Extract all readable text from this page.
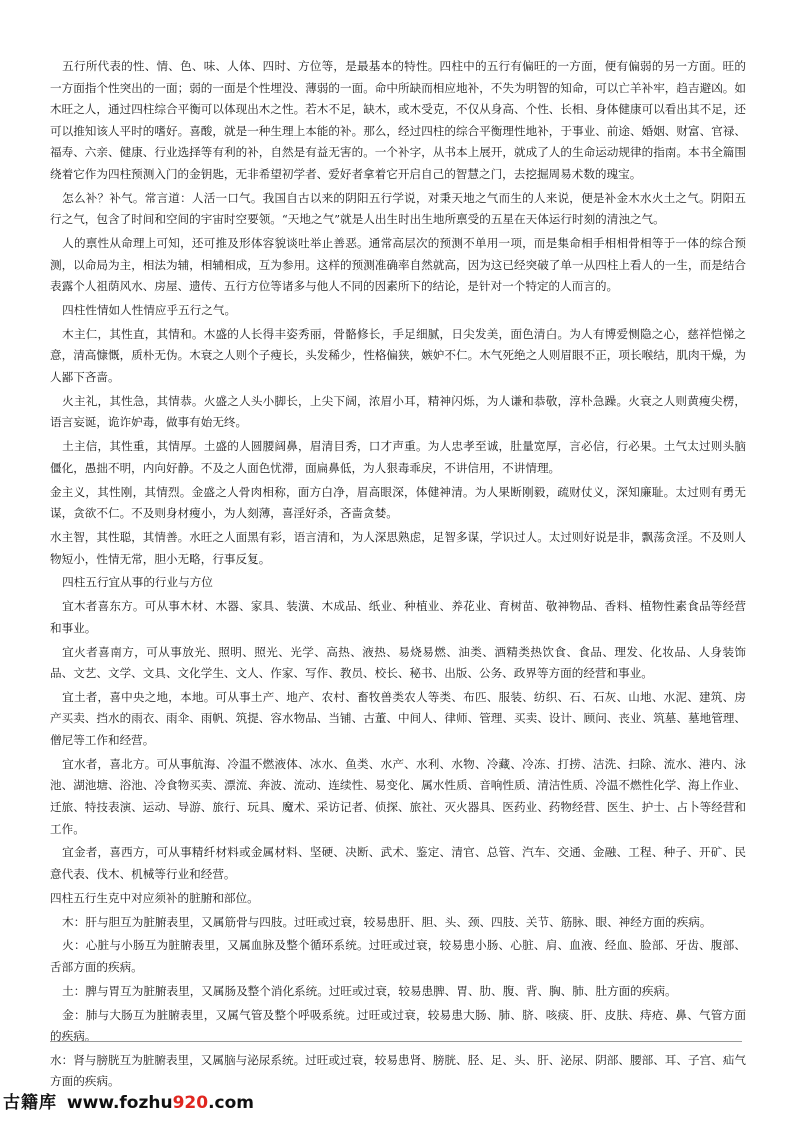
五行所代表的性、情、色、味、人体、四时、方位等，是最基本的特性。四柱中的五行有偏旺的一方面，便有偏弱的另一方面。旺的一方面指个性突出的一面；弱的一面是个性埋没、薄弱的一面。命中所缺而相应地补，不失为明智的知命，可以亡羊补牢，趋吉避凶。如木旺之人，通过四柱综合平衡可以体现出木之性。若木不足，缺木，或木受克，不仅从身高、个性、长相、身体健康可以看出其不足，还可以推知该人平时的嗜好。喜酸，就是一种生理上本能的补。那么，经过四柱的综合平衡理性地补，于事业、前途、婚姻、财富、官禄、福寿、六亲、健康、行业选择等有利的补，自然是有益无害的。一个补字，从书本上展开，就成了人的生命运动规律的指南。本书全篇围绕着它作为四柱预测入门的金钥匙，无非希望初学者、爱好者拿着它开启自己的智慧之门，去挖掘周易术数的瑰宝。

怎么补？补气。常言道：人活一口气。我国自古以来的阴阳五行学说，对秉天地之气而生的人来说，便是补金木水火土之气。阴阳五行之气，包含了时间和空间的宇宙时空要领。“天地之气”就是人出生时出生地所禀受的五星在天体运行时刻的清浊之气。

人的禀性从命理上可知，还可推及形体容貌谈吐举止善恶。通常高层次的预测不单用一项，而是集命相手相相骨相等于一体的综合预测，以命局为主，相法为辅，相辅相成，互为参用。这样的预测准确率自然就高，因为这已经突破了单一从四柱上看人的一生，而是结合表露个人祖荫风水、房屋、遗传、五行方位等诸多与他人不同的因素所下的结论，是针对一个特定的人而言的。

四柱性情如人性情应乎五行之气。

木主仁，其性直，其情和。木盛的人长得丰姿秀丽，骨骼修长，手足细腻，日尖发美，面色清白。为人有博爱恻隐之心，慈祥恺悌之意，清高慷慨，质朴无伪。木衰之人则个子瘦长，头发稀少，性格偏狭，嫉妒不仁。木气死绝之人则眉眼不正，项长喉结，肌肉干燥，为人鄙下吝啬。

火主礼，其性急，其情恭。火盛之人头小脚长，上尖下阔，浓眉小耳，精神闪烁，为人谦和恭敬，淳朴急躁。火衰之人则黄瘦尖楞，语言妄诞，诡诈妒毒，做事有始无终。

土主信，其性重，其情厚。土盛的人圆腰阔鼻，眉清目秀，口才声重。为人忠孝至诚，肚量宽厚，言必信，行必果。土气太过则头脑僵化，愚拙不明，内向好静。不及之人面色忧滞，面扁鼻低，为人狠毒乖戾，不讲信用，不讲情理。

金主义，其性刚，其情烈。金盛之人骨肉相称，面方白净，眉高眼深，体健神清。为人果断刚毅，疏财仗义，深知廉耻。太过则有勇无谋，贪欲不仁。不及则身材瘦小，为人刻薄，喜淫好杀，吝啬贪婪。

水主智，其性聪，其情善。水旺之人面黑有彩，语言清和，为人深思熟虑，足智多谋，学识过人。太过则好说是非，飘荡贪淫。不及则人物短小，性情无常，胆小无略，行事反复。

四柱五行宜从事的行业与方位

宜木者喜东方。可从事木材、木器、家具、装潢、木成品、纸业、种植业、养花业、育树苗、敬神物品、香料、植物性素食品等经营和事业。

宜火者喜南方，可从事放光、照明、照光、光学、高热、液热、易烧易燃、油类、酒精类热饮食、食品、理发、化妆品、人身装饰品、文艺、文学、文具、文化学生、文人、作家、写作、教员、校长、秘书、出版、公务、政界等方面的经营和事业。

宜土者，喜中央之地，本地。可从事土产、地产、农村、畜牧兽类农人等类、布匹、服装、纺织、石、石灰、山地、水泥、建筑、房产买卖、挡水的雨衣、雨伞、雨帆、筑提、容水物品、当铺、古董、中间人、律师、管理、买卖、设计、顾问、丧业、筑墓、墓地管理、僧尼等工作和经营。

宜水者，喜北方。可从事航海、冷温不燃液体、冰水、鱼类、水产、水利、水物、冷藏、冷冻、打捞、洁洗、扫除、流水、港内、泳池、湖池塘、浴池、冷食物买卖、漂流、奔波、流动、连续性、易变化、属水性质、音响性质、清洁性质、冷温不燃性化学、海上作业、迁旅、特技表演、运动、导游、旅行、玩具、魔术、采访记者、侦探、旅社、灭火器具、医药业、药物经营、医生、护士、占卜等经营和工作。

宜金者，喜西方，可从事精纤材料或金属材料、坚硬、决断、武术、鉴定、清官、总管、汽车、交通、金融、工程、种子、开矿、民意代表、伐木、机械等行业和经营。

四柱五行生克中对应须补的脏腑和部位。

木：肝与胆互为脏腑表里，又属筋骨与四肢。过旺或过衰，较易患肝、胆、头、颈、四肢、关节、筋脉、眼、神经方面的疾病。

火：心脏与小肠互为脏腑表里，又属血脉及整个循环系统。过旺或过衰，较易患小肠、心脏、肩、血液、经血、脸部、牙齿、腹部、舌部方面的疾病。

土：脾与胃互为脏腑表里，又属肠及整个消化系统。过旺或过衰，较易患脾、胃、肋、腹、背、胸、肺、肚方面的疾病。

金：肺与大肠互为脏腑表里，又属气管及整个呼吸系统。过旺或过衰，较易患大肠、肺、脐、咳痰、肝、皮肤、痔疮、鼻、气管方面的疾病。

水：肾与膀胱互为脏腑表里，又属脑与泌尿系统。过旺或过衰，较易患肾、膀胱、胫、足、头、肝、泌尿、阴部、腰部、耳、子宫、疝气方面的疾病。

古籍库 www.fozhu920.com
